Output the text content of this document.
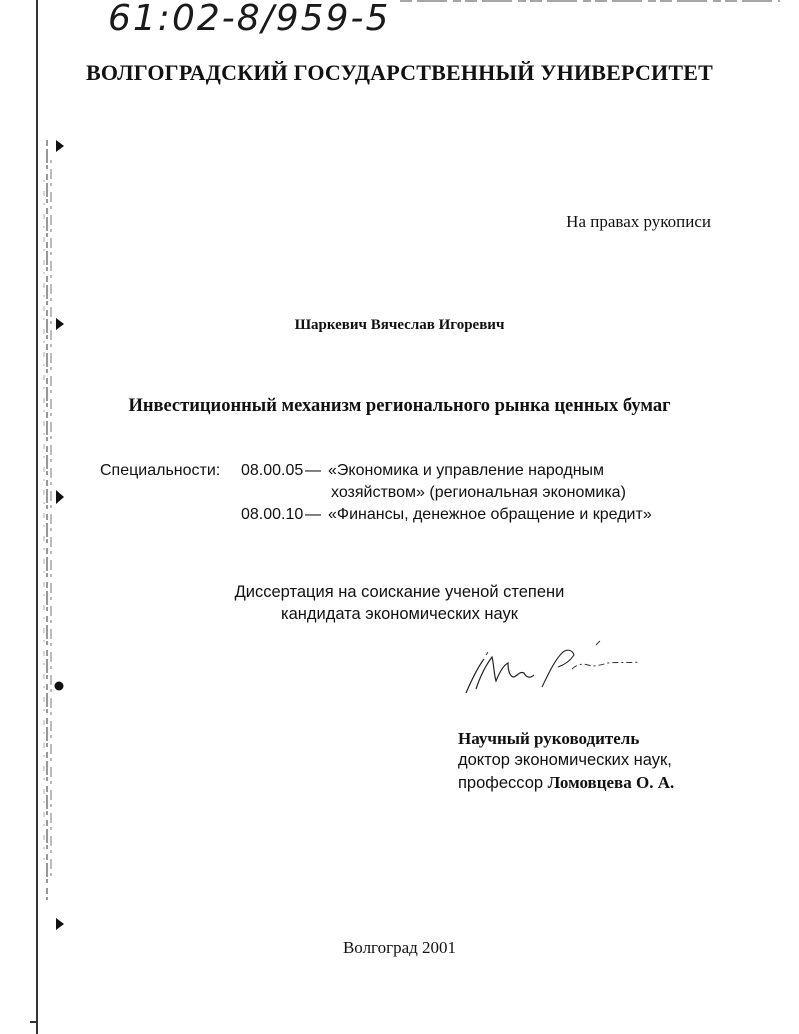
61:02-8/959-5
ВОЛГОГРАДСКИЙ ГОСУДАРСТВЕННЫЙ УНИВЕРСИТЕТ
На правах рукописи
Шаркевич Вячеслав Игоревич
Инвестиционный механизм регионального рынка ценных бумаг
Специальности: 08.00.05 — «Экономика и управление народным
хозяйством» (региональная экономика)
08.00.10 — «Финансы, денежное обращение и кредит»
Диссертация на соискание ученой степени
кандидата экономических наук
Научный руководитель
доктор экономических наук,
профессор Ломовцева О. А.
Волгоград 2001
